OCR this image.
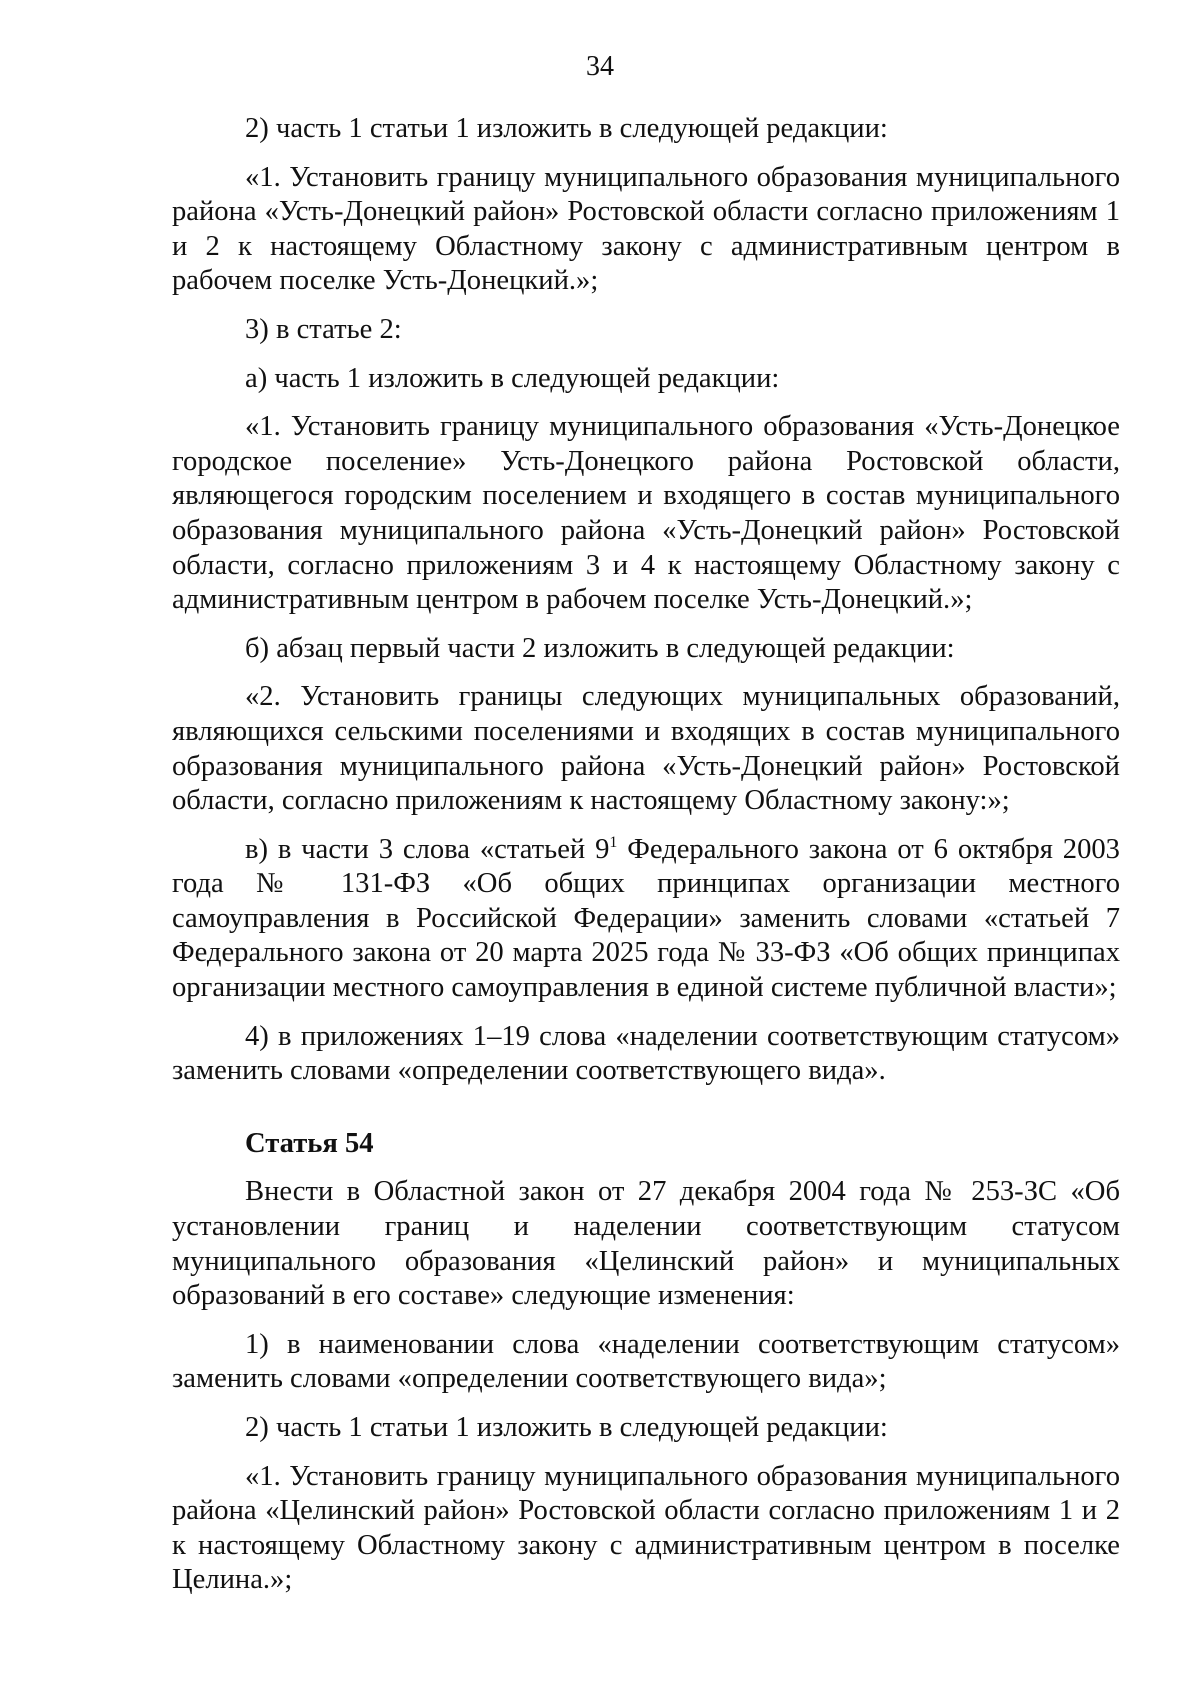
34

2) часть 1 статьи 1 изложить в следующей редакции:

«1. Установить границу муниципального образования муниципального района «Усть-Донецкий район» Ростовской области согласно приложениям 1 и 2 к настоящему Областному закону с административным центром в рабочем поселке Усть-Донецкий.»;

3) в статье 2:

а) часть 1 изложить в следующей редакции:

«1. Установить границу муниципального образования «Усть-Донецкое городское поселение» Усть-Донецкого района Ростовской области, являющегося городским поселением и входящего в состав муниципального образования муниципального района «Усть-Донецкий район» Ростовской области, согласно приложениям 3 и 4 к настоящему Областному закону с административным центром в рабочем поселке Усть-Донецкий.»;

б) абзац первый части 2 изложить в следующей редакции:

«2. Установить границы следующих муниципальных образований, являющихся сельскими поселениями и входящих в состав муниципального образования муниципального района «Усть-Донецкий район» Ростовской области, согласно приложениям к настоящему Областному закону:»;

в) в части 3 слова «статьей $9^1$ Федерального закона от 6 октября 2003 года № 131-ФЗ «Об общих принципах организации местного самоуправления в Российской Федерации» заменить словами «статьей 7 Федерального закона от 20 марта 2025 года № 33-ФЗ «Об общих принципах организации местного самоуправления в единой системе публичной власти»;

4) в приложениях 1–19 слова «наделении соответствующим статусом» заменить словами «определении соответствующего вида».

Статья 54

Внести в Областной закон от 27 декабря 2004 года № 253-ЗС «Об установлении границ и наделении соответствующим статусом муниципального образования «Целинский район» и муниципальных образований в его составе» следующие изменения:

1) в наименовании слова «наделении соответствующим статусом» заменить словами «определении соответствующего вида»;

2) часть 1 статьи 1 изложить в следующей редакции:

«1. Установить границу муниципального образования муниципального района «Целинский район» Ростовской области согласно приложениям 1 и 2 к настоящему Областному закону с административным центром в поселке Целина.»;
